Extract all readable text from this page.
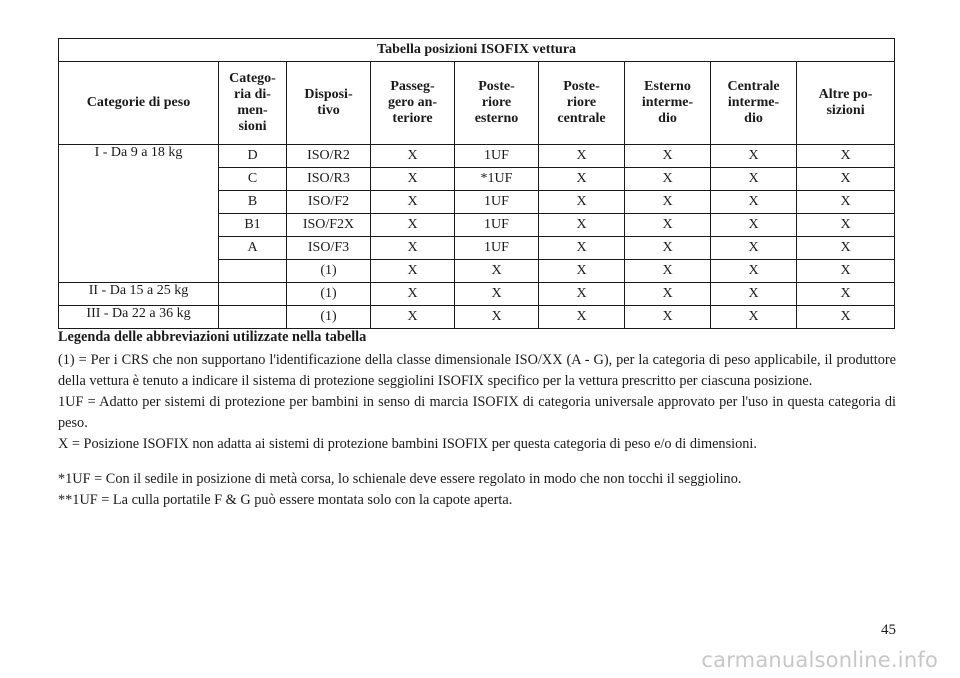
Tabella posizioni ISOFIX vettura								
Categorie di peso	Catego-
ria di-
men-
sioni	Disposi-
tivo	Passeg-
gero an-
teriore	Poste-
riore
esterno	Poste-
riore
centrale	Esterno
interme-
dio	Centrale
interme-
dio	Altre po-
sizioni
I - Da 9 a 18 kg	D	ISO/R2	X	1UF	X	X	X	X
	C	ISO/R3	X	*1UF	X	X	X	X
	B	ISO/F2	X	1UF	X	X	X	X
	B1	ISO/F2X	X	1UF	X	X	X	X
	A	ISO/F3	X	1UF	X	X	X	X
		(1)	X	X	X	X	X	X
II - Da 15 a 25 kg		(1)	X	X	X	X	X	X
III - Da 22 a 36 kg		(1)	X	X	X	X	X	X

Legenda delle abbreviazioni utilizzate nella tabella

(1) = Per i CRS che non supportano l'identificazione della classe dimensionale ISO/XX (A - G), per la categoria di peso applicabile, il produttore della vettura è tenuto a indicare il sistema di protezione seggiolini ISOFIX specifico per la vettura prescritto per ciascuna posizione.

1UF = Adatto per sistemi di protezione per bambini in senso di marcia ISOFIX di categoria universale approvato per l'uso in questa categoria di peso.

X = Posizione ISOFIX non adatta ai sistemi di protezione bambini ISOFIX per questa categoria di peso e/o di dimensioni.

*1UF = Con il sedile in posizione di metà corsa, lo schienale deve essere regolato in modo che non tocchi il seggiolino.

**1UF = La culla portatile F & G può essere montata solo con la capote aperta.

45
carmanualsonline.info
